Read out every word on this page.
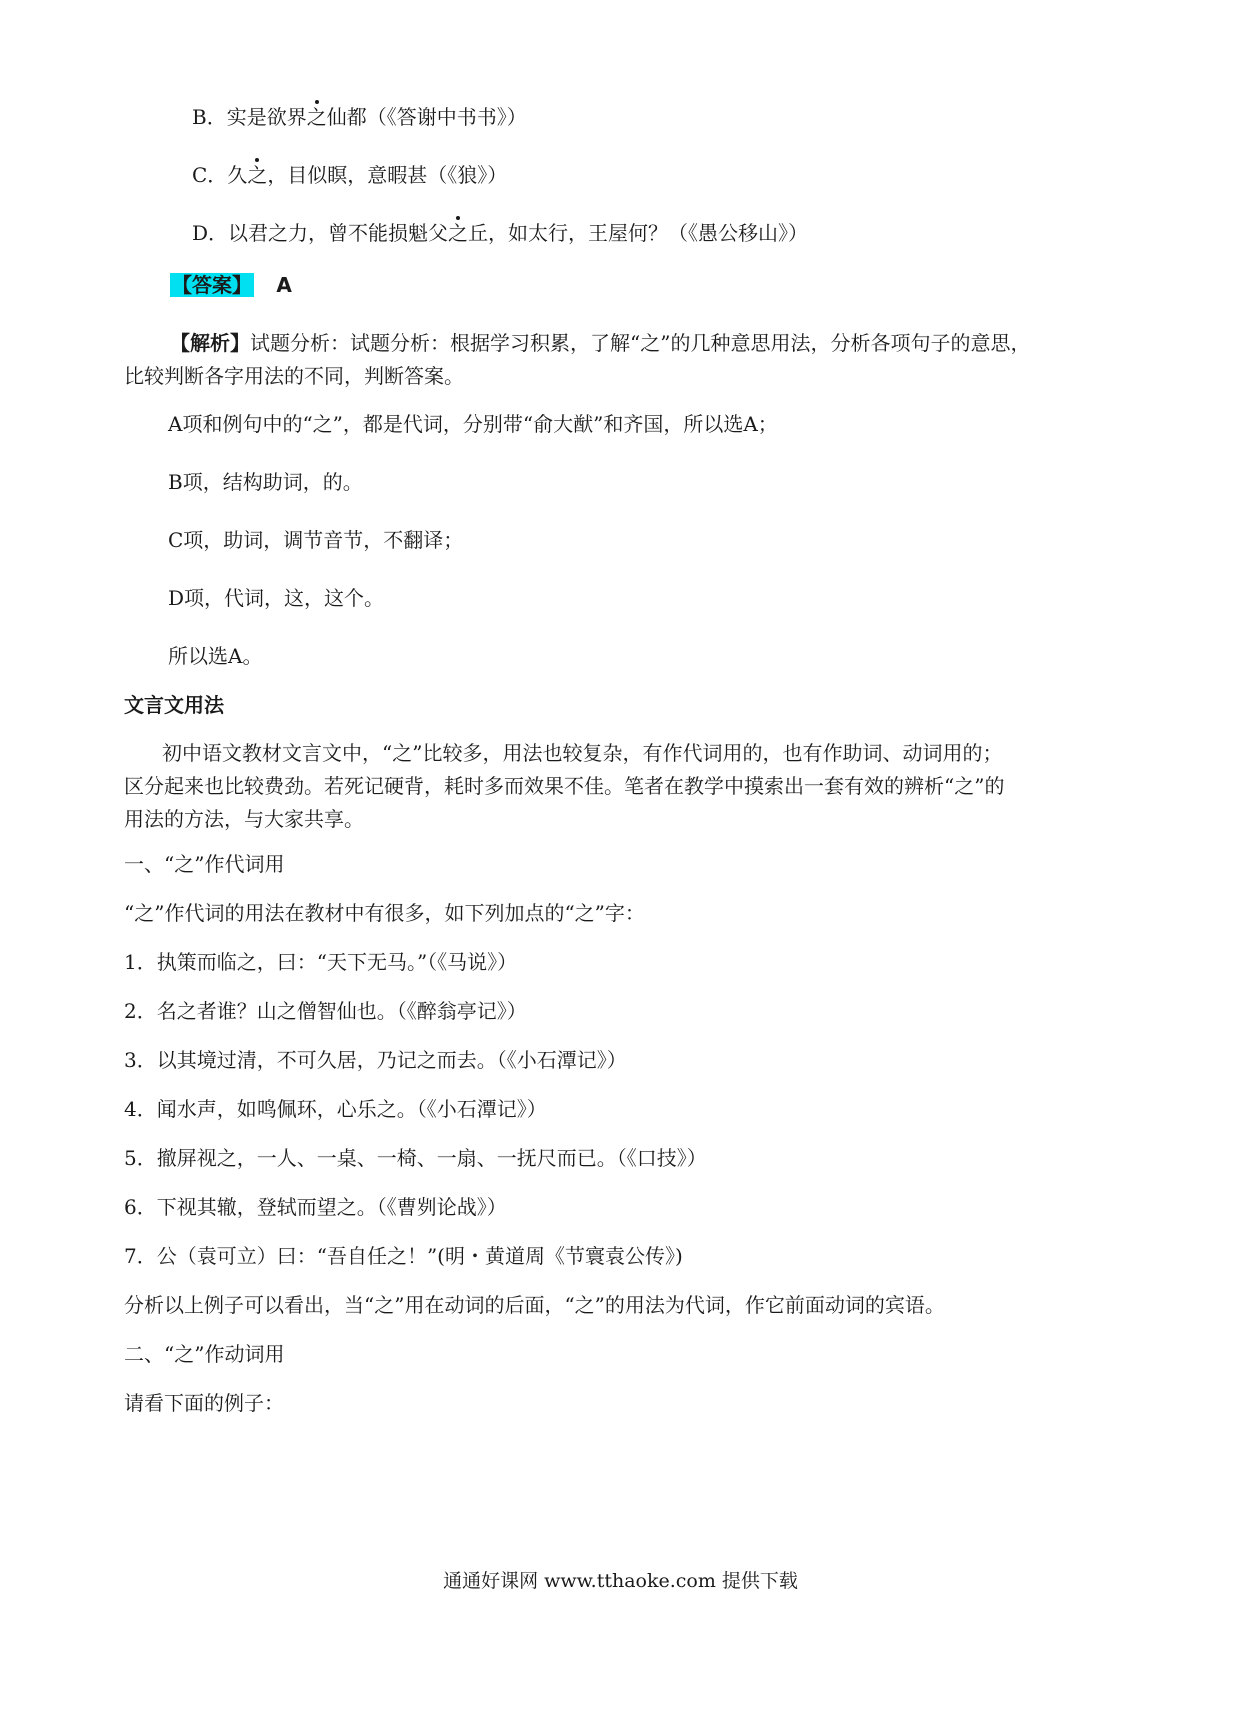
B．实是欲界之仙都（《答谢中书书》）
C．久之，目似瞑，意暇甚（《狼》）
D．以君之力，曾不能损魁父之丘，如太行，王屋何？（《愚公移山》）
【答案】 A
【解析】试题分析：试题分析：根据学习积累，了解“之”的几种意思用法，分析各项句子的意思，
比较判断各字用法的不同，判断答案。
A项和例句中的“之”，都是代词，分别带“俞大猷”和齐国，所以选A；
B项，结构助词，的。
C项，助词，调节音节，不翻译；
D项，代词，这，这个。
所以选A。
文言文用法
初中语文教材文言文中，“之”比较多，用法也较复杂，有作代词用的，也有作助词、动词用的；
区分起来也比较费劲。若死记硬背，耗时多而效果不佳。笔者在教学中摸索出一套有效的辨析“之”的
用法的方法，与大家共享。
一、“之”作代词用
“之”作代词的用法在教材中有很多，如下列加点的“之”字：
1．执策而临之，曰：“天下无马。”（《马说》）
2．名之者谁？山之僧智仙也。（《醉翁亭记》）
3．以其境过清，不可久居，乃记之而去。（《小石潭记》）
4．闻水声，如鸣佩环，心乐之。（《小石潭记》）
5．撤屏视之，一人、一桌、一椅、一扇、一抚尺而已。（《口技》）
6．下视其辙，登轼而望之。（《曹刿论战》）
7．公（袁可立）曰：“吾自任之！”(明・黄道周《节寰袁公传》)
分析以上例子可以看出，当“之”用在动词的后面，“之”的用法为代词，作它前面动词的宾语。
二、“之”作动词用
请看下面的例子：
通通好课网 www.tthaoke.com 提供下载
